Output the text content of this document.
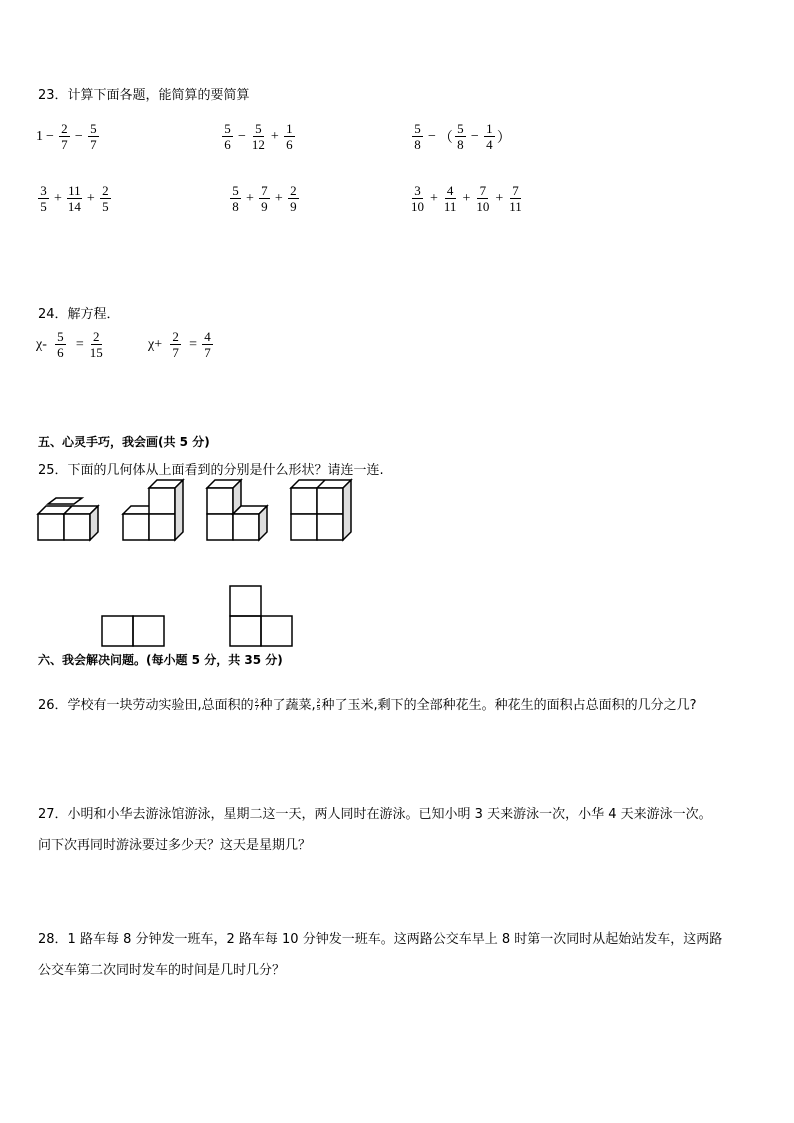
23．计算下面各题，能简算的要简算
$1 - \frac{2}{7} - \frac{5}{7}$	$\frac{5}{6} - \frac{5}{12} + \frac{1}{6}$	$\frac{5}{8}$ − （ $\frac{5}{8} - \frac{1}{4}$ ）
$\frac{3}{5} + \frac{11}{14} + \frac{2}{5}$	$\frac{5}{8} + \frac{7}{9} + \frac{2}{9}$	$\frac{3}{10} + \frac{4}{11} + \frac{7}{10} + \frac{7}{11}$
24．解方程．
$\chi- \frac{5}{6} = \frac{2}{15}$	$\chi+ \frac{2}{7} = \frac{4}{7}$
五、心灵手巧，我会画(共 5 分)
25．下面的几何体从上面看到的分别是什么形状？请连一连.
六、我会解决问题。(每小题 5 分，共 35 分)
26．学校有一块劳动实验田,总面积的 $\frac{2}{7}$ 种了蔬菜, $\frac{2}{5}$ 种了玉米,剩下的全部种花生。种花生的面积占总面积的几分之几?
27．小明和小华去游泳馆游泳，星期二这一天，两人同时在游泳。已知小明 3 天来游泳一次，小华 4 天来游泳一次。
问下次再同时游泳要过多少天？这天是星期几？
28．1 路车每 8 分钟发一班车，2 路车每 10 分钟发一班车。这两路公交车早上 8 时第一次同时从起始站发车，这两路
公交车第二次同时发车的时间是几时几分？
